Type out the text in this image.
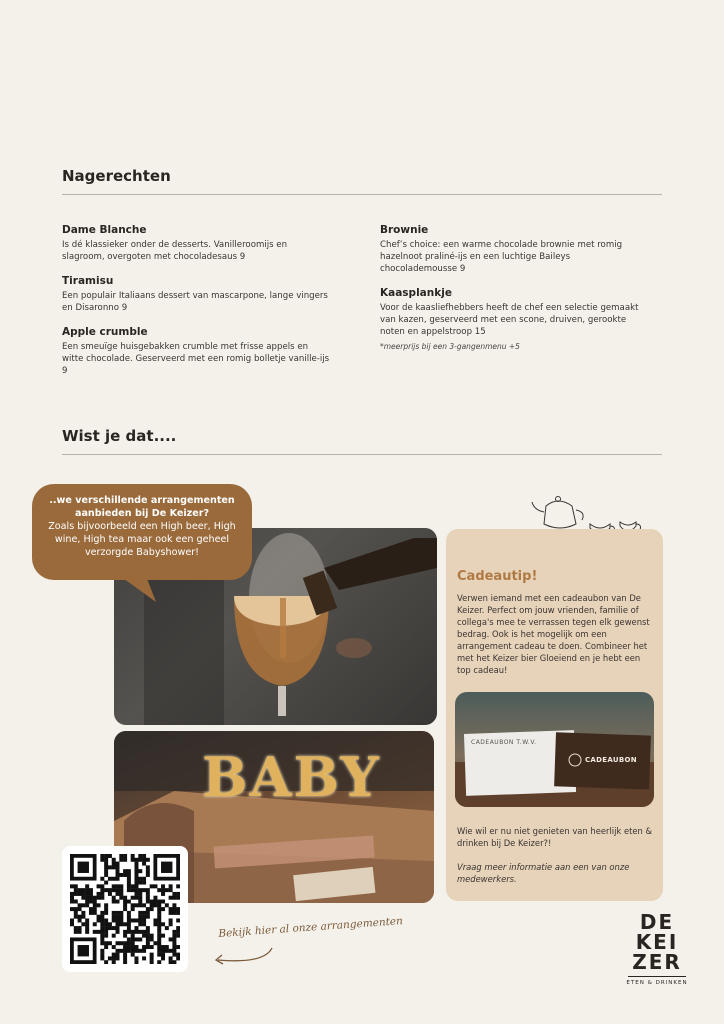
Nagerechten

Dame Blanche

Is dé klassieker onder de desserts. Vanilleroomijs en slagroom, overgoten met chocoladesaus 9

Tiramisu

Een populair Italiaans dessert van mascarpone, lange vingers en Disaronno 9

Apple crumble

Een smeuïge huisgebakken crumble met frisse appels en witte chocolade. Geserveerd met een romig bolletje vanille-ijs 9

Brownie

Chef’s choice: een warme chocolade brownie met romig hazelnoot praliné-ijs en een luchtige Baileys chocolademousse 9

Kaasplankje

Voor de kaasliefhebbers heeft de chef een selectie gemaakt van kazen, geserveerd met een scone, druiven, gerookte noten en appelstroop 15

*meerprijs bij een 3-gangenmenu +5
Wist je dat....
..we verschillende arrangementen aanbieden bij De Keizer?
Zoals bijvoorbeeld een High beer, High wine, High tea maar ook een geheel verzorgde Babyshower!
BABY
Bekijk hier al onze arrangementen
Cadeautip!
Verwen iemand met een cadeaubon van De Keizer. Perfect om jouw vrienden, familie of collega's mee te verrassen tegen elk gewenst bedrag. Ook is het mogelijk om een arrangement cadeau te doen. Combineer het met het Keizer bier Gloeiend en je hebt een top cadeau!
CADEAUBON T.W.V.
CADEAUBON
Wie wil er nu niet genieten van heerlijk eten & drinken bij De Keizer?!
Vraag meer informatie aan een van onze medewerkers.
DE
KEI
ZER
ETEN & DRINKEN
